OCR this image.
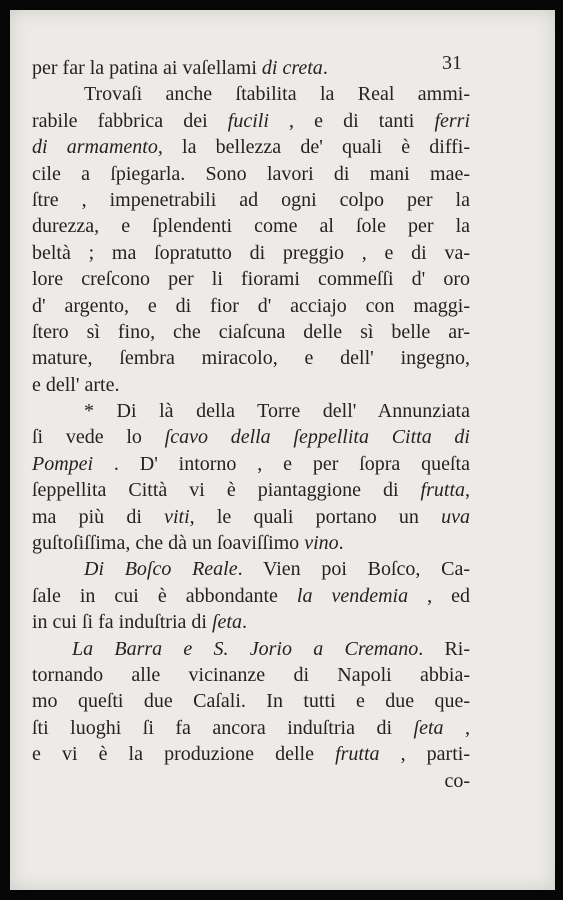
31
per far la patina ai vaſellami di creta.
Trovaſi anche ſtabilita la Real ammi-
rabile fabbrica dei fucili , e di tanti ferri
di armamento, la bellezza de' quali è diffi-
cile a ſpiegarla. Sono lavori di mani mae-
ſtre , impenetrabili ad ogni colpo per la
durezza, e ſplendenti come al ſole per la
beltà ; ma ſopratutto di preggio , e di va-
lore creſcono per li fiorami commeſſi d' oro
d' argento, e di fior d' acciajo con maggi-
ſtero sì fino, che ciaſcuna delle sì belle ar-
mature, ſembra miracolo, e dell' ingegno,
e dell' arte.
* Di là della Torre dell' Annunziata
ſi vede lo ſcavo della ſeppellita Citta di
Pompei . D' intorno , e per ſopra queſta
ſeppellita Città vi è piantaggione di frutta,
ma più di viti, le quali portano un uva
guſtoſiſſima, che dà un ſoaviſſimo vino.
Di Boſco Reale. Vien poi Boſco, Ca-
ſale in cui è abbondante la vendemia , ed
in cui ſi fa induſtria di ſeta.
La Barra e S. Jorio a Cremano. Ri-
tornando alle vicinanze di Napoli abbia-
mo queſti due Caſali. In tutti e due que-
ſti luoghi ſi fa ancora induſtria di ſeta ,
e vi è la produzione delle frutta , parti-
co-
